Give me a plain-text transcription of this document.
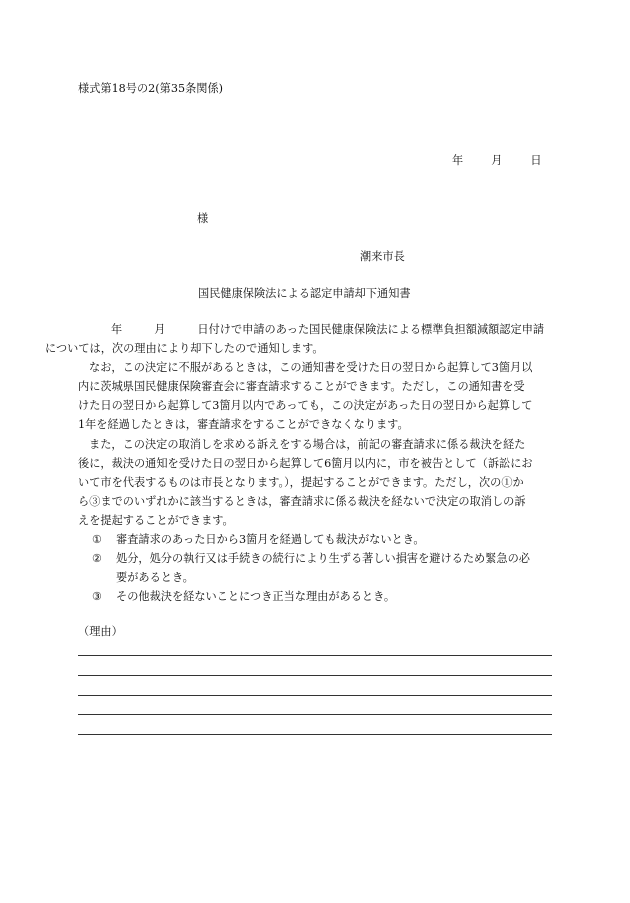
様式第18号の2(第35条関係)
年	月	日
様
潮来市長
国民健康保険法による認定申請却下通知書

年	月	日付けで申請のあった国民健康保険法による標準負担額減額認定申請
については，次の理由により却下したので通知します。

なお，この決定に不服があるときは，この通知書を受けた日の翌日から起算して3箇月以
内に茨城県国民健康保険審査会に審査請求することができます。ただし，この通知書を受
けた日の翌日から起算して3箇月以内であっても，この決定があった日の翌日から起算して
1年を経過したときは，審査請求をすることができなくなります。

また，この決定の取消しを求める訴えをする場合は，前記の審査請求に係る裁決を経た
後に，裁決の通知を受けた日の翌日から起算して6箇月以内に，市を被告として（訴訟にお
いて市を代表するものは市長となります。），提起することができます。ただし，次の①か
ら③までのいずれかに該当するときは，審査請求に係る裁決を経ないで決定の取消しの訴
えを提起することができます。

① 審査請求のあった日から3箇月を経過しても裁決がないとき。
② 処分，処分の執行又は手続きの続行により生ずる著しい損害を避けるため緊急の必
要があるとき。
③ その他裁決を経ないことにつき正当な理由があるとき。
（理由）
